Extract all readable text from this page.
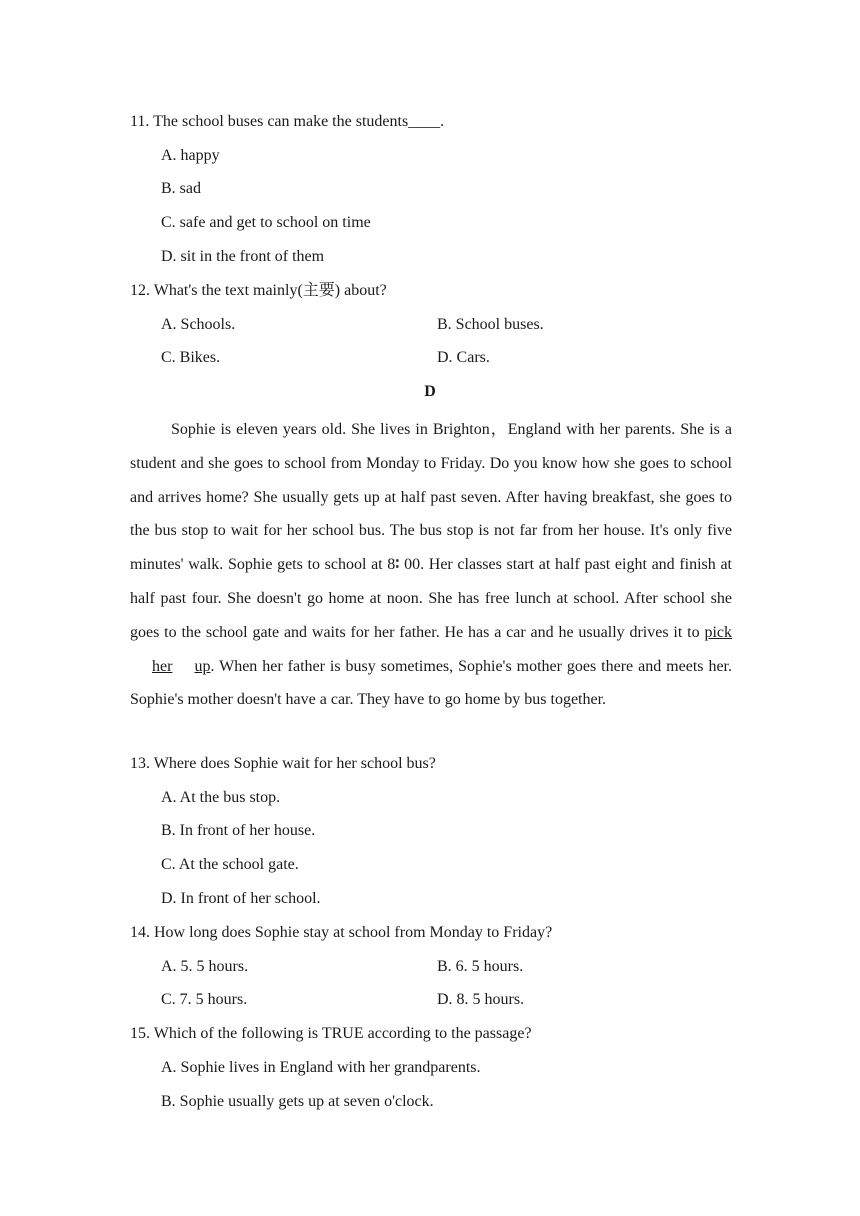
11. The school buses can make the students____.
A. happy
B. sad
C. safe and get to school on time
D. sit in the front of them
12. What's the text mainly(主要) about?
A. Schools.	B. School buses.
C. Bikes.	D. Cars.
D
Sophie is eleven years old. She lives in Brighton，England with her parents. She is a student and she goes to school from Monday to Friday. Do you know how she goes to school and arrives home? She usually gets up at half past seven. After having breakfast, she goes to the bus stop to wait for her school bus. The bus stop is not far from her house. It's only five minutes' walk. Sophie gets to school at 8∶ 00. Her classes start at half past eight and finish at half past four. She doesn't go home at noon. She has free lunch at school. After school she goes to the school gate and waits for her father. He has a car and he usually drives it to pickher up. When her father is busy sometimes, Sophie's mother goes there and meets her. Sophie's mother doesn't have a car. They have to go home by bus together.
13. Where does Sophie wait for her school bus?
A. At the bus stop.
B. In front of her house.
C. At the school gate.
D. In front of her school.
14. How long does Sophie stay at school from Monday to Friday?
A. 5. 5 hours.	B. 6. 5 hours.
C. 7. 5 hours.	D. 8. 5 hours.
15. Which of the following is TRUE according to the passage?
A. Sophie lives in England with her grandparents.
B. Sophie usually gets up at seven o'clock.
